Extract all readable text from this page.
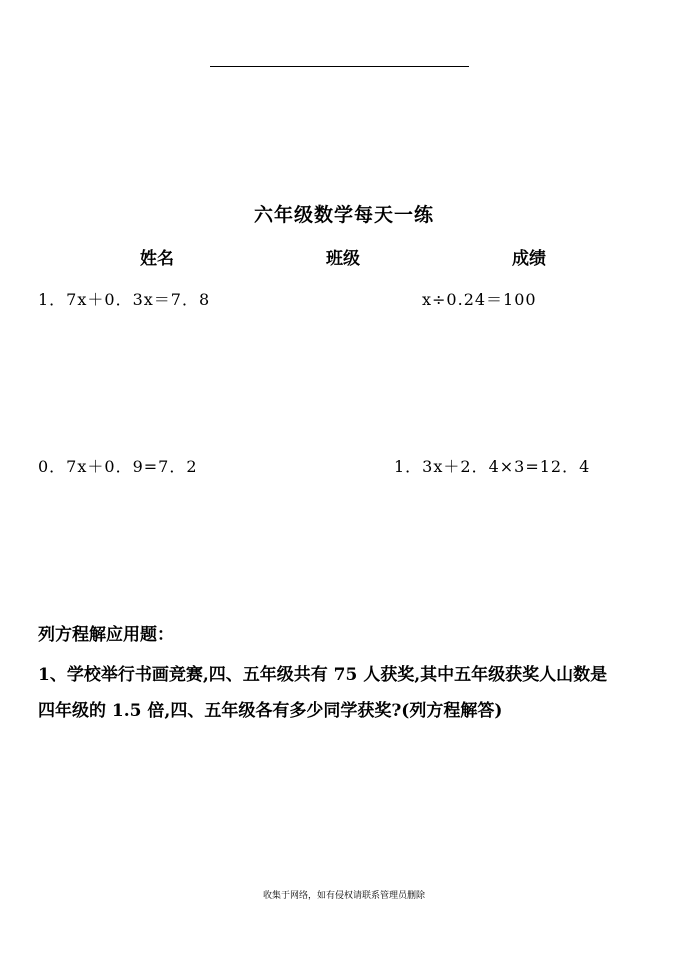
六年级数学每天一练
姓名	班级	成绩
1．7x＋0．3x＝7．8	x÷0.24＝100
0．7x＋0．9=7．2	1．3x＋2．4×3=12．4
列方程解应用题：
1、学校举行书画竞赛,四、五年级共有 75 人获奖,其中五年级获奖人山数是
四年级的 1.5 倍,四、五年级各有多少同学获奖?(列方程解答)
收集于网络，如有侵权请联系管理员删除
